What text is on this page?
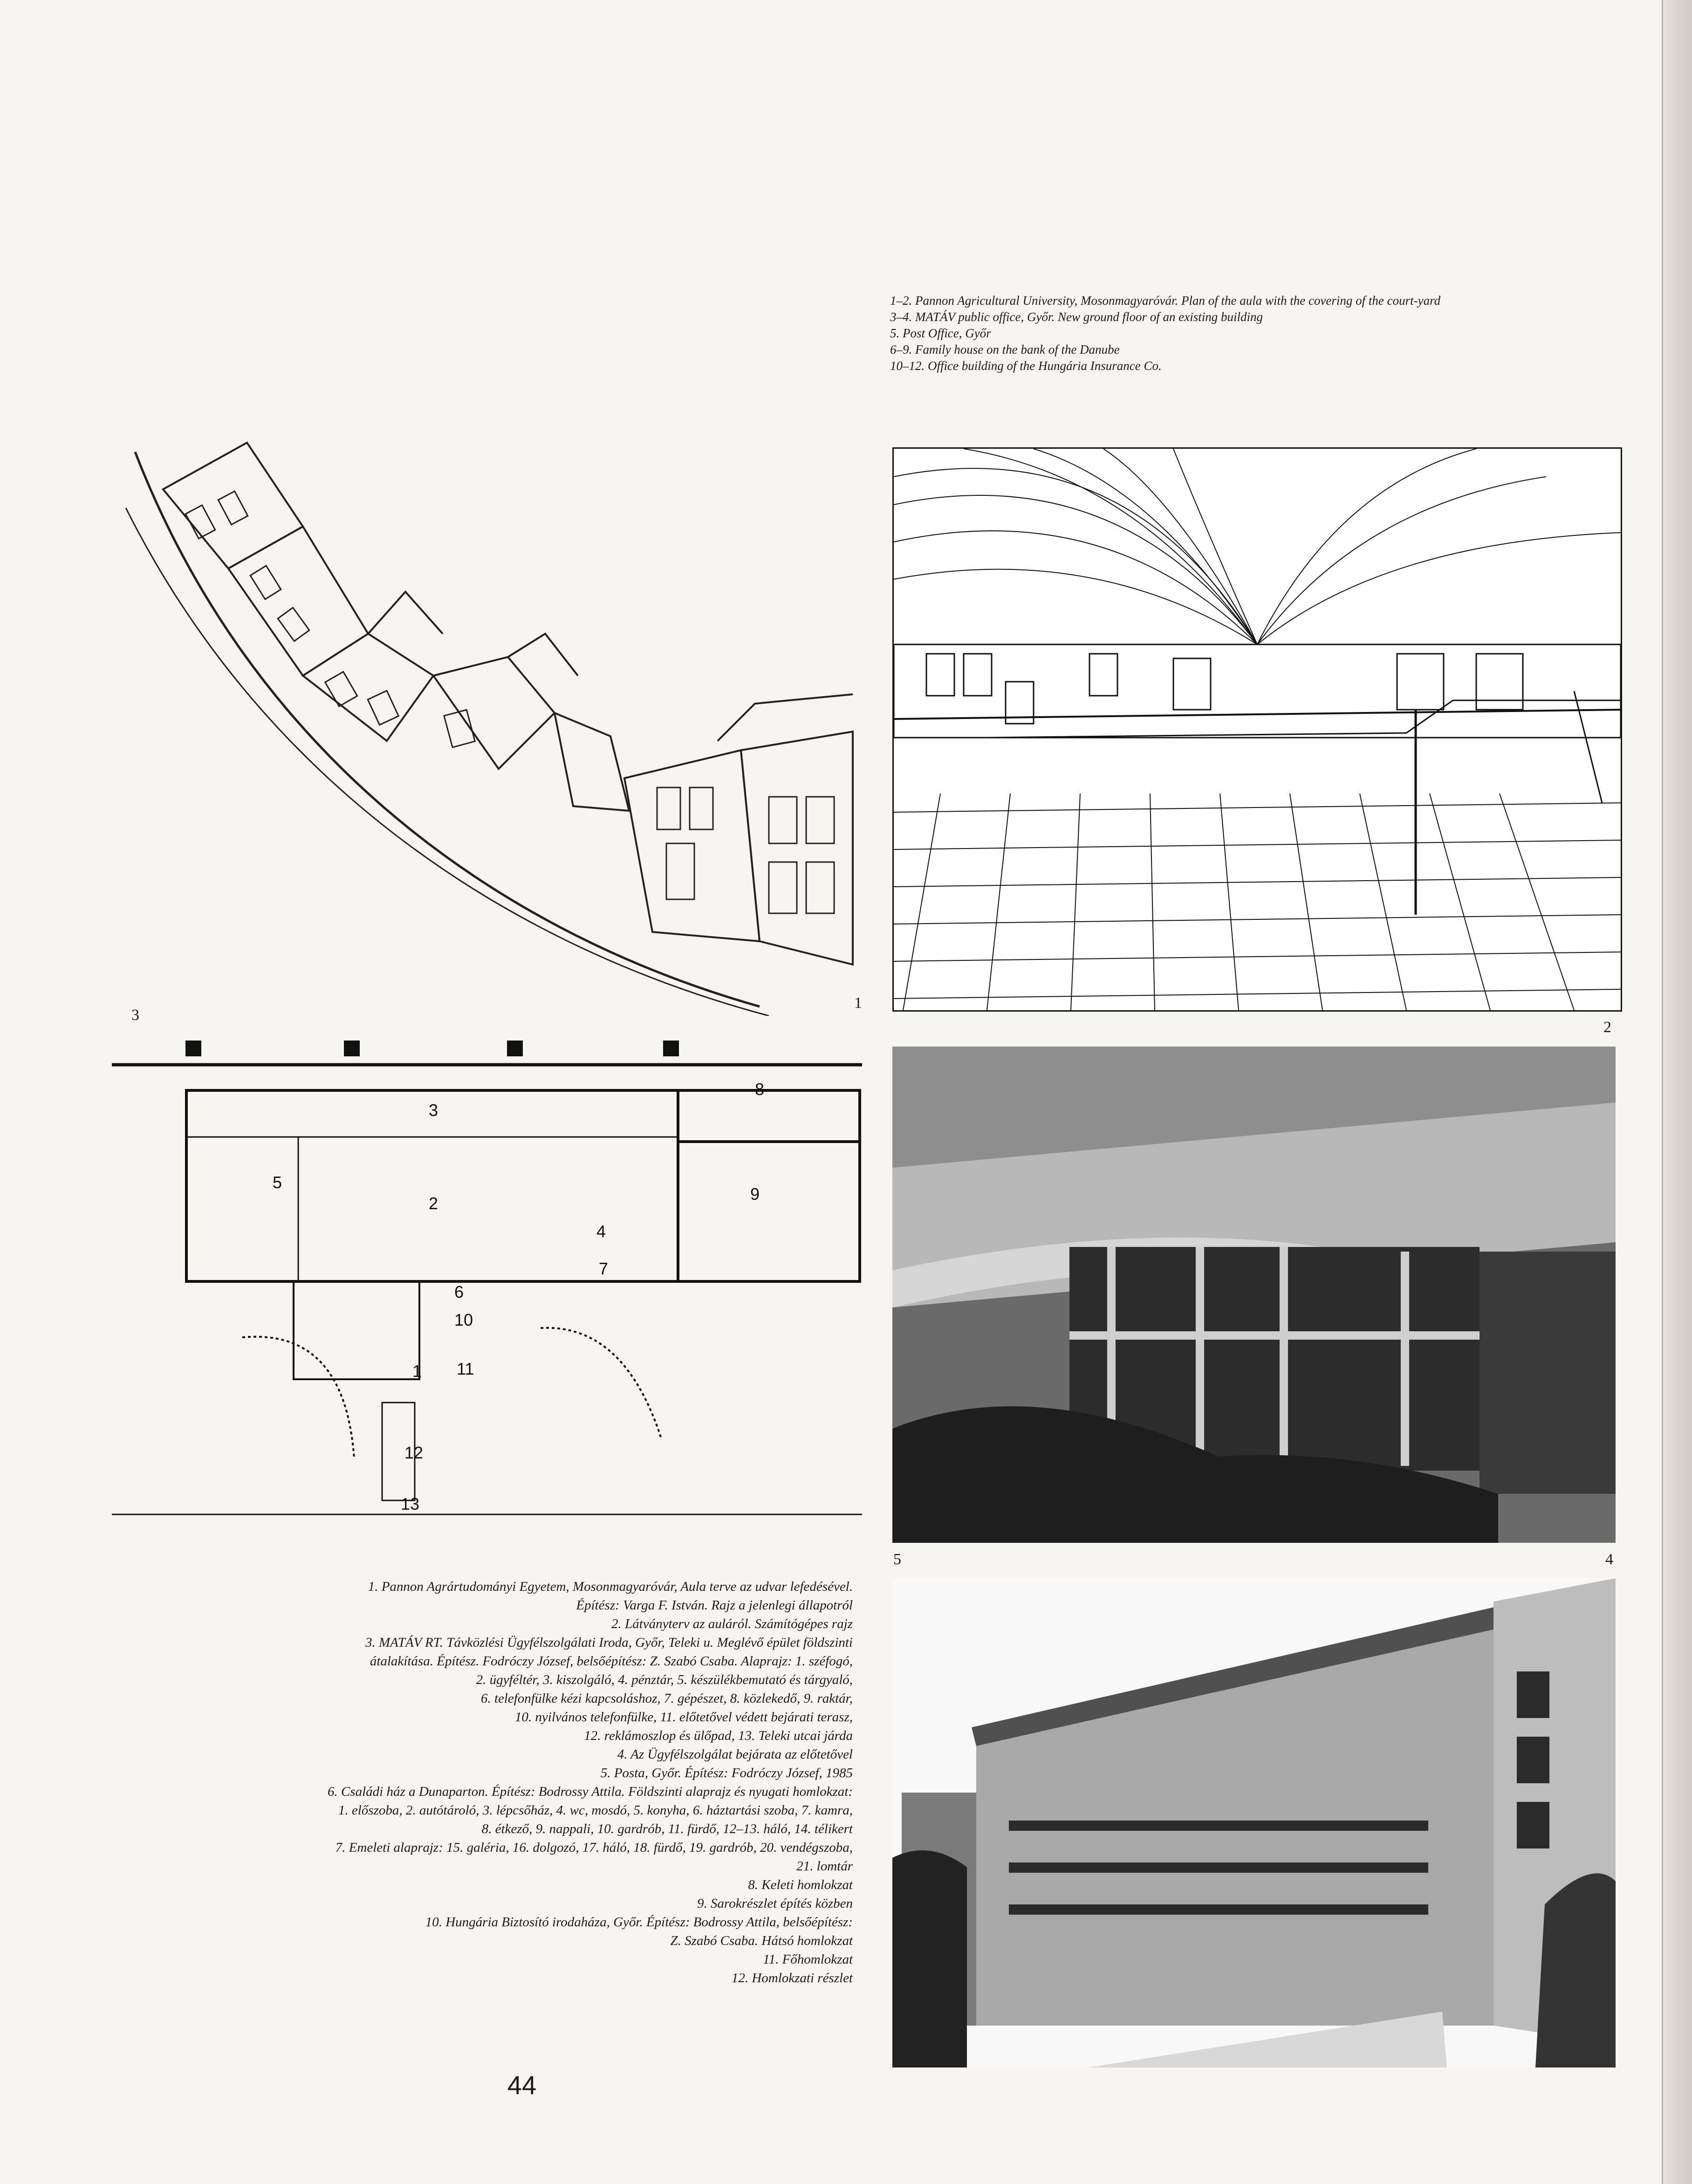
1–2. Pannon Agricultural University, Mosonmagyaróvár. Plan of the aula with the covering of the court-yard
3–4. MATÁV public office, Győr. New ground floor of an existing building
5. Post Office, Győr
6–9. Family house on the bank of the Danube
10–12. Office building of the Hungária Insurance Co.
3
1
2
1
2
3
4
5
6
7
8
9
10
11
12
13
5	4
1. Pannon Agrártudományi Egyetem, Mosonmagyaróvár, Aula terve az udvar lefedésével.
Építész: Varga F. István. Rajz a jelenlegi állapotról
2. Látványterv az auláról. Számítógépes rajz
3. MATÁV RT. Távközlési Ügyfélszolgálati Iroda, Győr, Teleki u. Meglévő épület földszinti
átalakítása. Építész. Fodróczy József, belsőépítész: Z. Szabó Csaba. Alaprajz: 1. széfogó,
2. ügyféltér, 3. kiszolgáló, 4. pénztár, 5. készülékbemutató és tárgyaló,
6. telefonfülke kézi kapcsoláshoz, 7. gépészet, 8. közlekedő, 9. raktár,
10. nyilvános telefonfülke, 11. előtetővel védett bejárati terasz,
12. reklámoszlop és ülőpad, 13. Teleki utcai járda
4. Az Ügyfélszolgálat bejárata az előtetővel
5. Posta, Győr. Építész: Fodróczy József, 1985
6. Családi ház a Dunaparton. Építész: Bodrossy Attila. Földszinti alaprajz és nyugati homlokzat:
1. előszoba, 2. autótároló, 3. lépcsőház, 4. wc, mosdó, 5. konyha, 6. háztartási szoba, 7. kamra,
8. étkező, 9. nappali, 10. gardrób, 11. fürdő, 12–13. háló, 14. télikert
7. Emeleti alaprajz: 15. galéria, 16. dolgozó, 17. háló, 18. fürdő, 19. gardrób, 20. vendégszoba,
21. lomtár
8. Keleti homlokzat
9. Sarokrészlet építés közben
10. Hungária Biztosító irodaháza, Győr. Építész: Bodrossy Attila, belsőépítész:
Z. Szabó Csaba. Hátsó homlokzat
11. Főhomlokzat
12. Homlokzati részlet
44
